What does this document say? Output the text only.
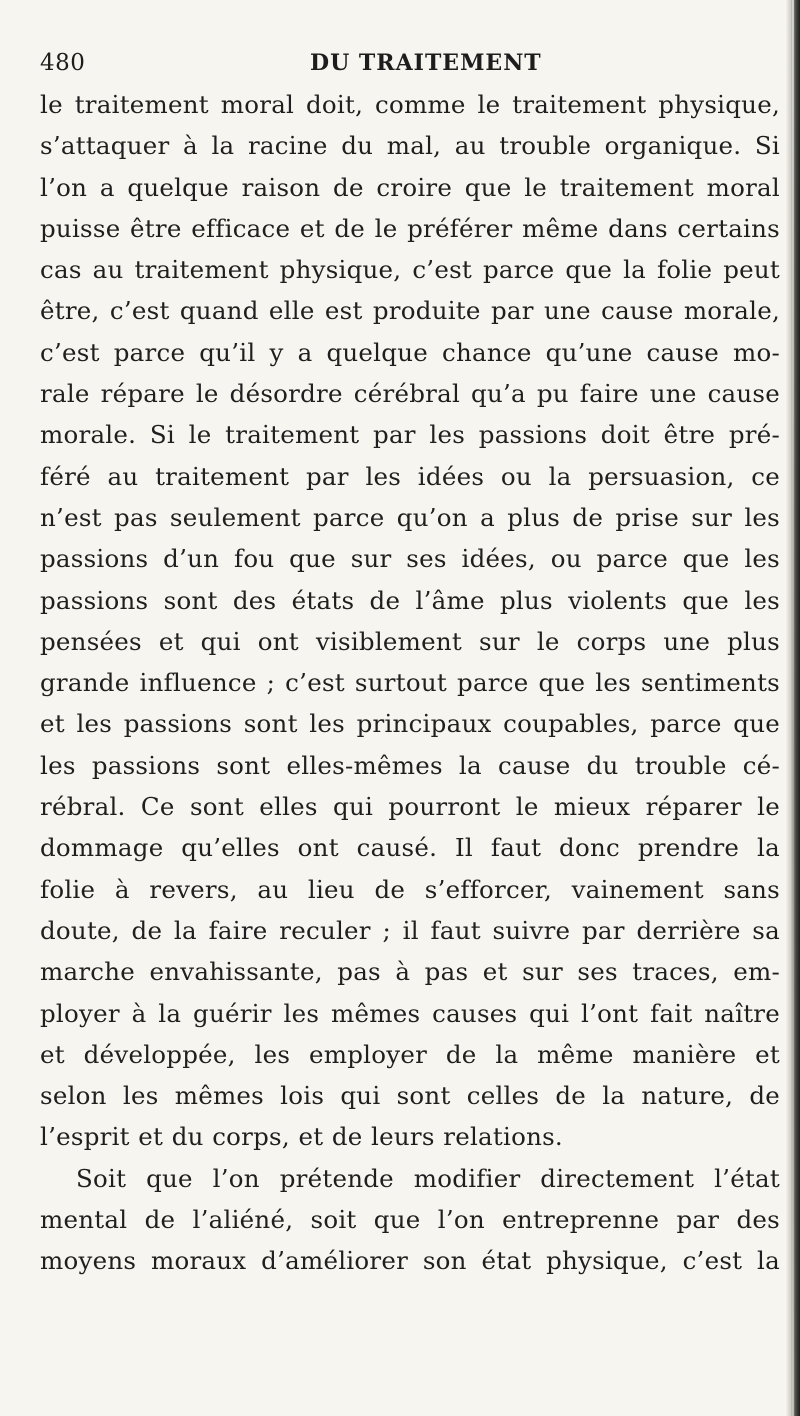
480	DU TRAITEMENT
le traitement moral doit, comme le traitement physique,
s’attaquer à la racine du mal, au trouble organique. Si
l’on a quelque raison de croire que le traitement moral
puisse être efficace et de le préférer même dans certains
cas au traitement physique, c’est parce que la folie peut
être, c’est quand elle est produite par une cause morale,
c’est parce qu’il y a quelque chance qu’une cause mo-
rale répare le désordre cérébral qu’a pu faire une cause
morale. Si le traitement par les passions doit être pré-
féré au traitement par les idées ou la persuasion, ce
n’est pas seulement parce qu’on a plus de prise sur les
passions d’un fou que sur ses idées, ou parce que les
passions sont des états de l’âme plus violents que les
pensées et qui ont visiblement sur le corps une plus
grande influence ; c’est surtout parce que les sentiments
et les passions sont les principaux coupables, parce que
les passions sont elles-mêmes la cause du trouble cé-
rébral. Ce sont elles qui pourront le mieux réparer le
dommage qu’elles ont causé. Il faut donc prendre la
folie à revers, au lieu de s’efforcer, vainement sans
doute, de la faire reculer ; il faut suivre par derrière sa
marche envahissante, pas à pas et sur ses traces, em-
ployer à la guérir les mêmes causes qui l’ont fait naître
et développée, les employer de la même manière et
selon les mêmes lois qui sont celles de la nature, de
l’esprit et du corps, et de leurs relations.
Soit que l’on prétende modifier directement l’état
mental de l’aliéné, soit que l’on entreprenne par des
moyens moraux d’améliorer son état physique, c’est la
